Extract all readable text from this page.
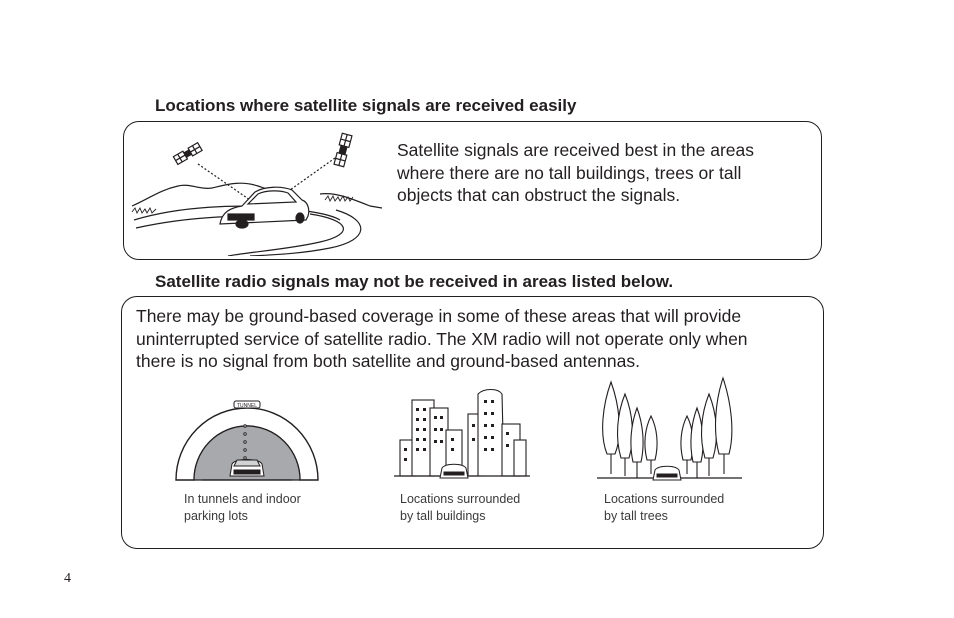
Locations where satellite signals are received easily
Satellite signals are received best in the areas
where there are no tall buildings, trees or tall
objects that can obstruct the signals.
Satellite radio signals may not be received in areas listed below.
There may be ground-based coverage in some of these areas that will provide
uninterrupted service of satellite radio. The XM radio will not operate only when
there is no signal from both satellite and ground-based antennas.
TUNNEL
In tunnels and indoor
parking lots
Locations surrounded
by tall buildings
Locations surrounded
by tall trees
4
